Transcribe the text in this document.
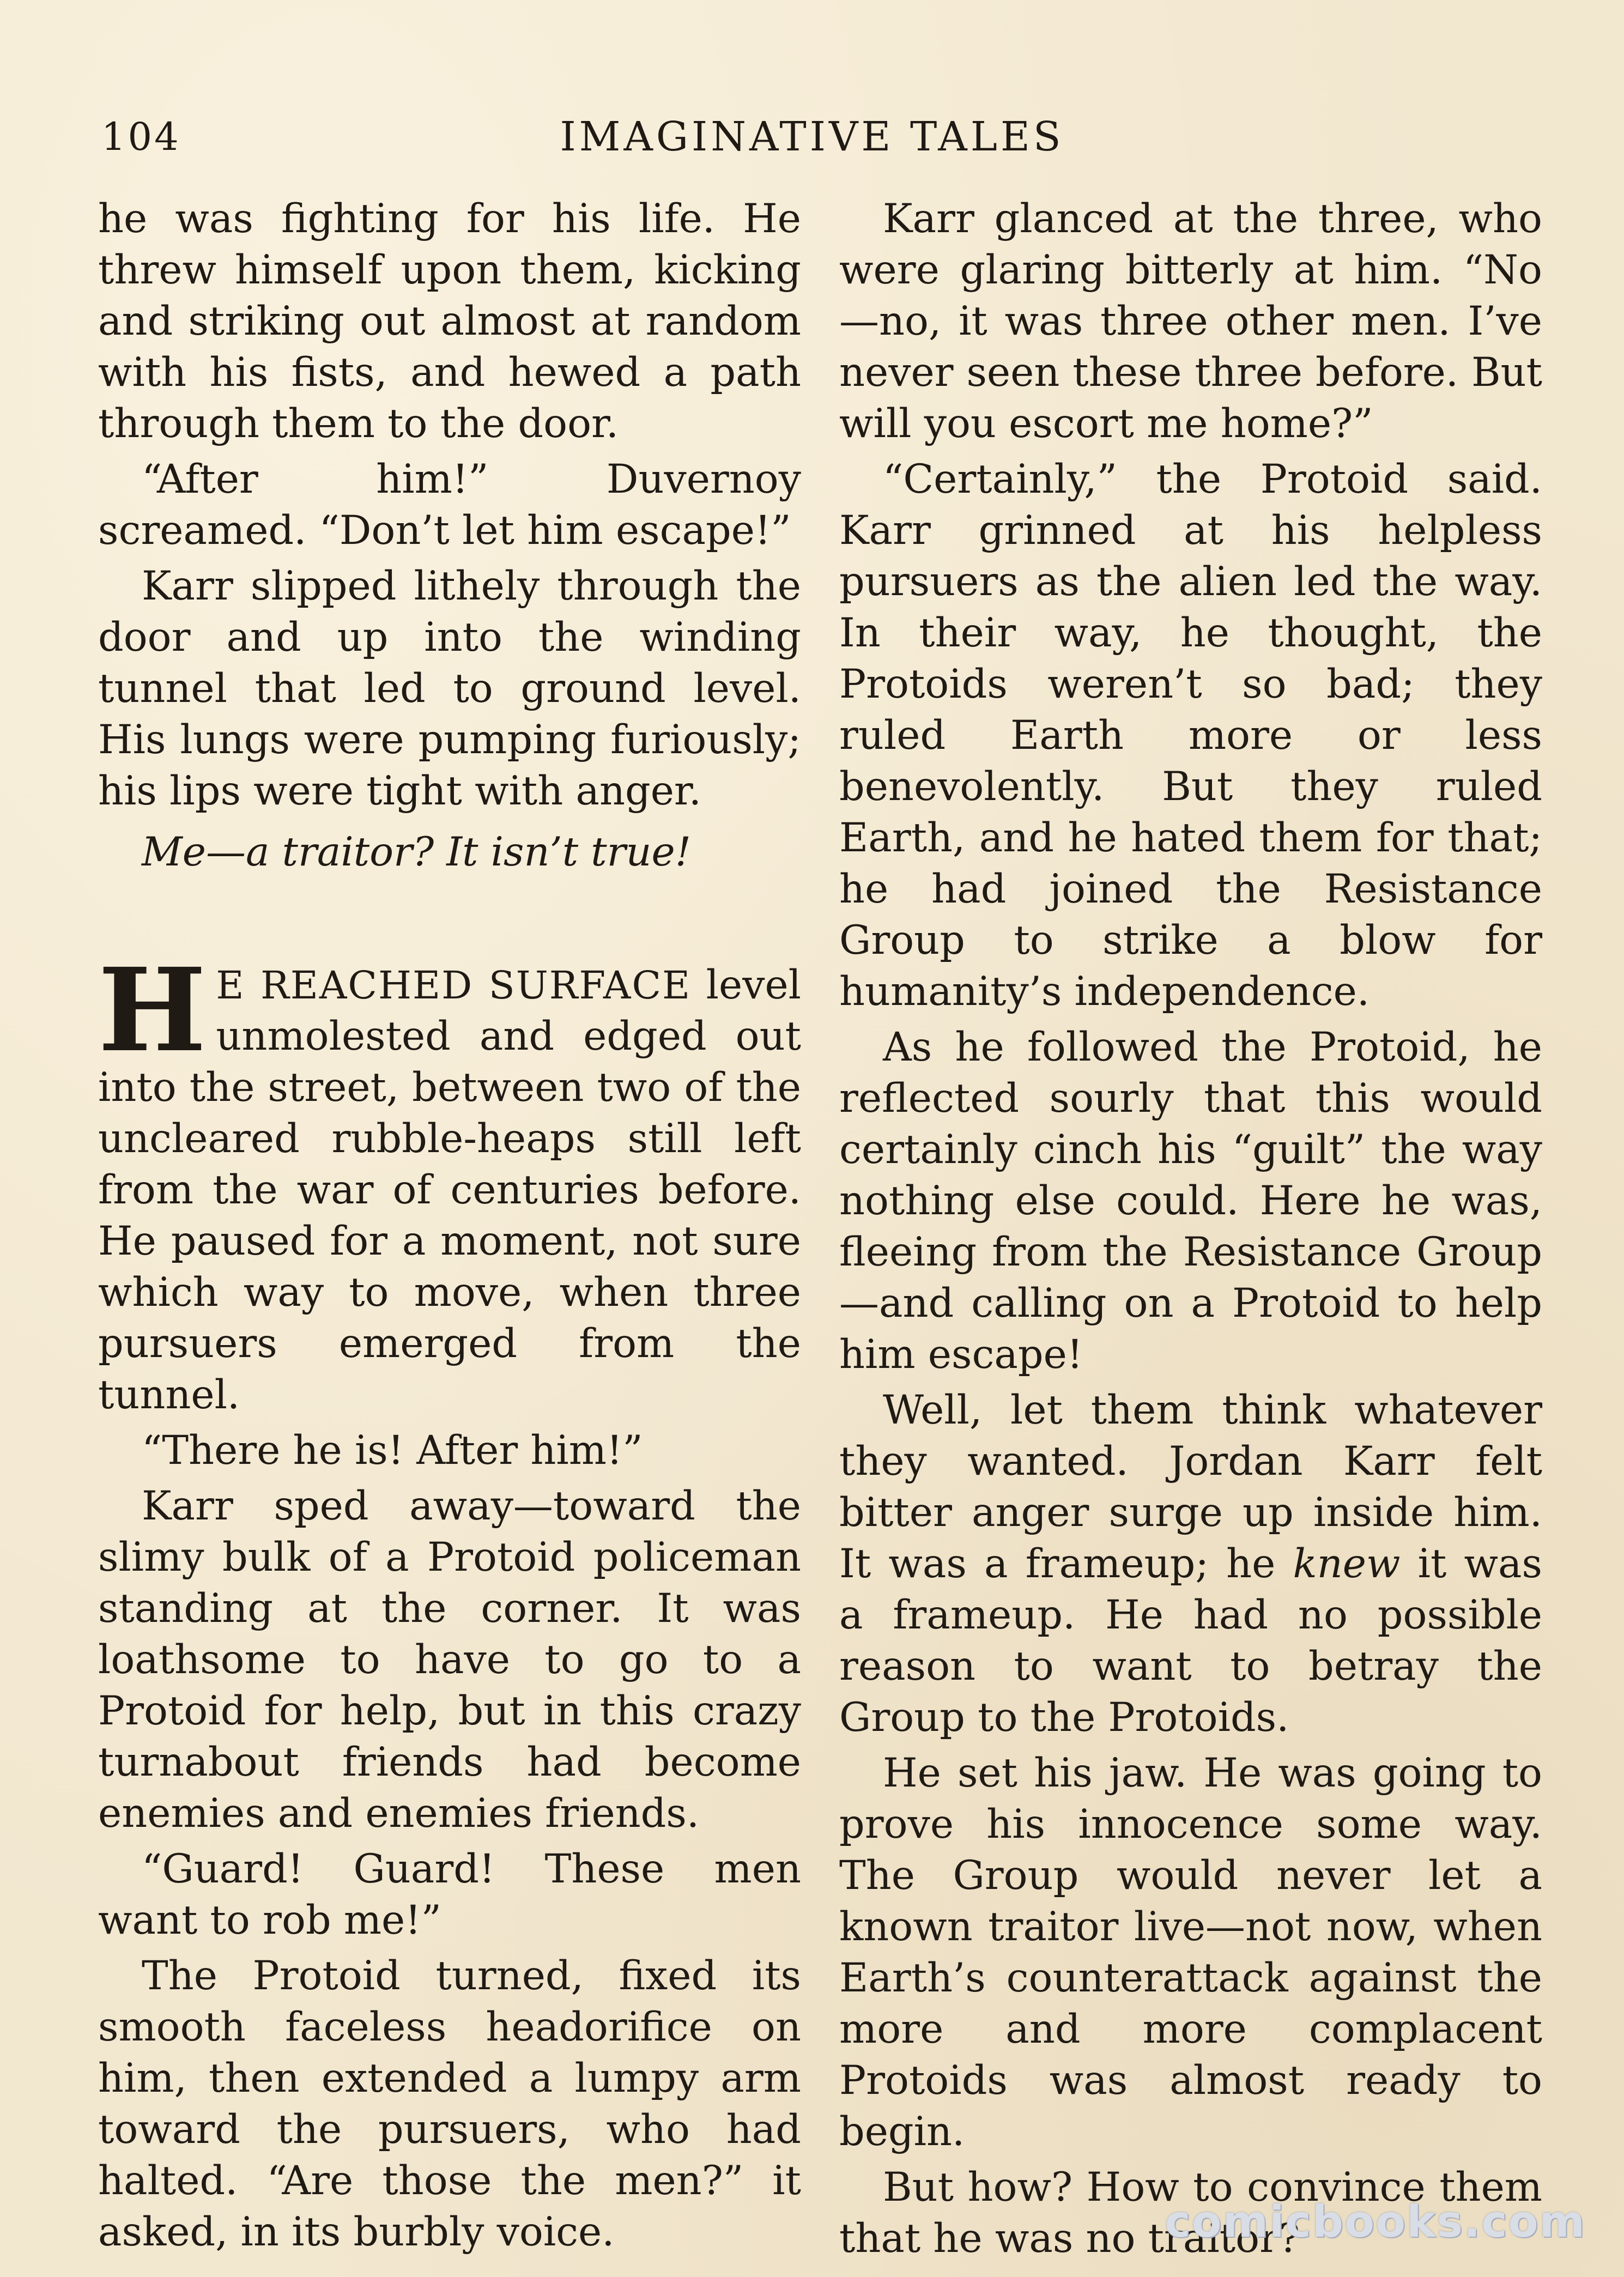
104	IMAGINATIVE TALES

he was fighting for his life. He threw himself upon them, kicking and striking out almost at random with his fists, and hewed a path through them to the door.

“After him!” Duvernoy screamed. “Don’t let him escape!”

Karr slipped lithely through the door and up into the winding tunnel that led to ground level. His lungs were pumping furiously; his lips were tight with anger.

Me—a traitor? It isn’t true!

H E REACHED SURFACE level unmolested and edged out into the street, between two of the uncleared rubble-heaps still left from the war of centuries before. He paused for a moment, not sure which way to move, when three pursuers emerged from the tunnel.

“There he is! After him!”

Karr sped away—toward the slimy bulk of a Protoid policeman standing at the corner. It was loathsome to have to go to a Protoid for help, but in this crazy turnabout friends had become enemies and enemies friends.

“Guard! Guard! These men want to rob me!”

The Protoid turned, fixed its smooth faceless headorifice on him, then extended a lumpy arm toward the pursuers, who had halted. “Are those the men?” it asked, in its burbly voice.

Karr glanced at the three, who were glaring bitterly at him. “No—no, it was three other men. I’ve never seen these three before. But will you escort me home?”

“Certainly,” the Protoid said. Karr grinned at his helpless pursuers as the alien led the way. In their way, he thought, the Protoids weren’t so bad; they ruled Earth more or less benevolently. But they ruled Earth, and he hated them for that; he had joined the Resistance Group to strike a blow for humanity’s independence.

As he followed the Protoid, he reflected sourly that this would certainly cinch his “guilt” the way nothing else could. Here he was, fleeing from the Resistance Group —and calling on a Protoid to help him escape!

Well, let them think whatever they wanted. Jordan Karr felt bitter anger surge up inside him. It was a frameup; he knew it was a frameup. He had no possible reason to want to betray the Group to the Protoids.

He set his jaw. He was going to prove his innocence some way. The Group would never let a known traitor live—not now, when Earth’s counterattack against the more and more complacent Protoids was almost ready to begin.

But how? How to convince them that he was no traitor?

comicbooks.com
